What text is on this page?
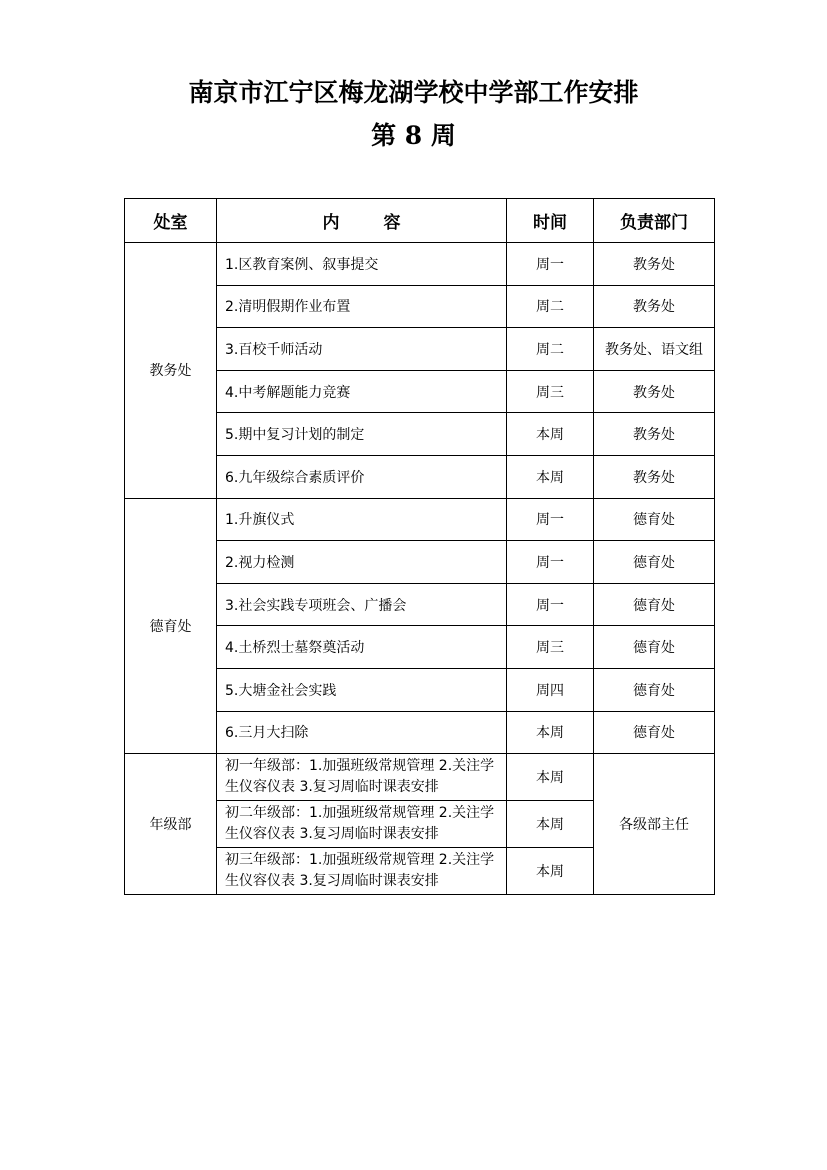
南京市江宁区梅龙湖学校中学部工作安排
第 8 周
处室	内 容	时间	负责部门
教务处	1.区教育案例、叙事提交	周一	教务处
	2.清明假期作业布置	周二	教务处
	3.百校千师活动	周二	教务处、语文组
	4.中考解题能力竞赛	周三	教务处
	5.期中复习计划的制定	本周	教务处
	6.九年级综合素质评价	本周	教务处
德育处	1.升旗仪式	周一	德育处
	2.视力检测	周一	德育处
	3.社会实践专项班会、广播会	周一	德育处
	4.土桥烈士墓祭奠活动	周三	德育处
	5.大塘金社会实践	周四	德育处
	6.三月大扫除	本周	德育处
年级部	初一年级部：1.加强班级常规管理 2.关注学生仪容仪表 3.复习周临时课表安排	本周	各级部主任
	初二年级部：1.加强班级常规管理 2.关注学生仪容仪表 3.复习周临时课表安排	本周	
	初三年级部：1.加强班级常规管理 2.关注学生仪容仪表 3.复习周临时课表安排	本周	
